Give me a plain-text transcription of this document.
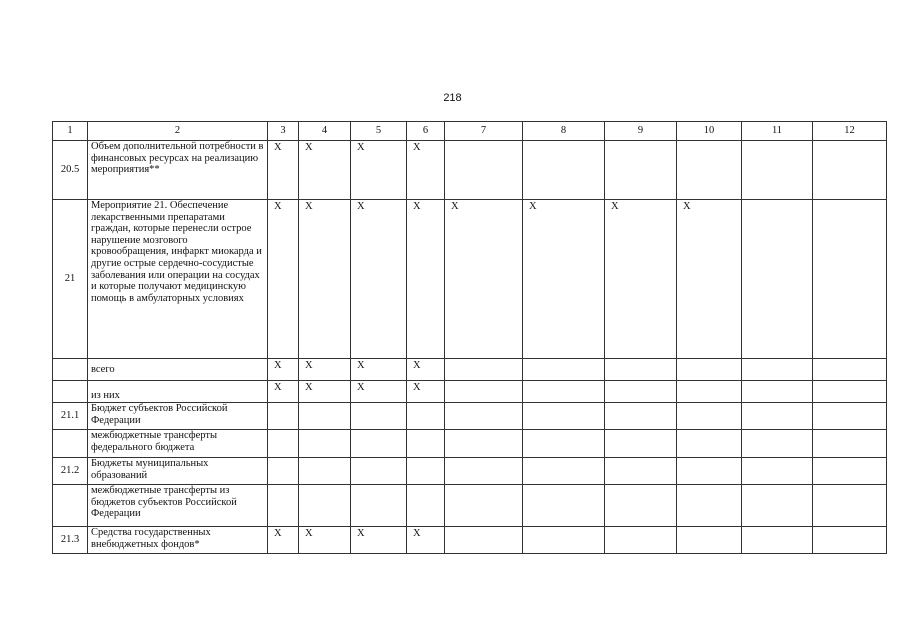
218
1	2	3	4	5	6	7	8	9	10	11	12
20.5	Объем дополнительной потребности в финансовых ресурсах на реализацию мероприятия**	X	X	X	X						
21	Мероприятие 21. Обеспечение лекарственными препаратами граждан, которые перенесли острое нарушение мозгового кровообращения, инфаркт миокарда и другие острые сердечно-сосудистые заболевания или операции на сосудах и которые получают медицинскую помощь в амбулаторных условиях	X	X	X	X	X	X	X	X		
	всего	X	X	X	X						
	из них	X	X	X	X						
21.1	Бюджет субъектов Российской Федерации										
	межбюджетные трансферты федерального бюджета										
21.2	Бюджеты муниципальных образований										
	межбюджетные трансферты из бюджетов субъектов Российской Федерации										
21.3	Средства государственных внебюджетных фондов*	X	X	X	X						
